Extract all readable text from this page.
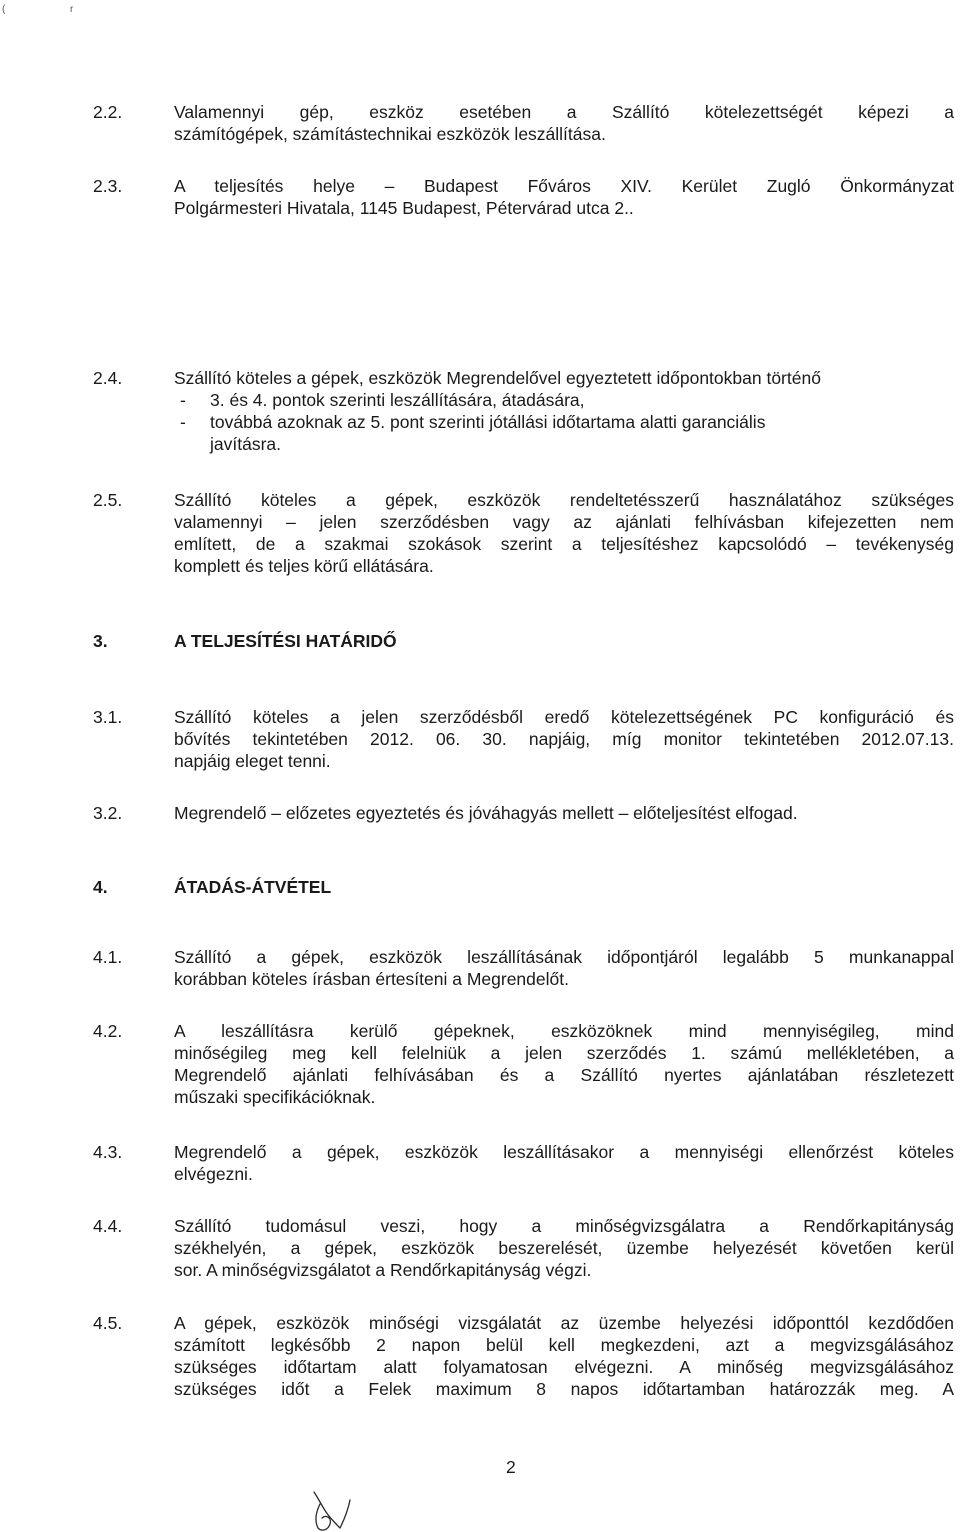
(	r
2.2.	Valamennyi gép, eszköz esetében a Szállító kötelezettségét képezi a
számítógépek, számítástechnikai eszközök leszállítása.
2.3.	A teljesítés helye – Budapest Főváros XIV. Kerület Zugló Önkormányzat
Polgármesteri Hivatala, 1145 Budapest, Pétervárad utca 2..
2.4.	Szállító köteles a gépek, eszközök Megrendelővel egyeztetett időpontokban történő
- 3. és 4. pontok szerinti leszállítására, átadására,
- továbbá azoknak az 5. pont szerinti jótállási időtartama alatti garanciális
javításra.
2.5.	Szállító köteles a gépek, eszközök rendeltetésszerű használatához szükséges
valamennyi – jelen szerződésben vagy az ajánlati felhívásban kifejezetten nem
említett, de a szakmai szokások szerint a teljesítéshez kapcsolódó – tevékenység
komplett és teljes körű ellátására.
3.	A TELJESÍTÉSI HATÁRIDŐ
3.1.	Szállító köteles a jelen szerződésből eredő kötelezettségének PC konfiguráció és
bővítés tekintetében 2012. 06. 30. napjáig, míg monitor tekintetében 2012.07.13.
napjáig eleget tenni.
3.2.	Megrendelő – előzetes egyeztetés és jóváhagyás mellett – előteljesítést elfogad.
4.	ÁTADÁS-ÁTVÉTEL
4.1.	Szállító a gépek, eszközök leszállításának időpontjáról legalább 5 munkanappal
korábban köteles írásban értesíteni a Megrendelőt.
4.2.	A leszállításra kerülő gépeknek, eszközöknek mind mennyiségileg, mind
minőségileg meg kell felelniük a jelen szerződés 1. számú mellékletében, a
Megrendelő ajánlati felhívásában és a Szállító nyertes ajánlatában részletezett
műszaki specifikációknak.
4.3.	Megrendelő a gépek, eszközök leszállításakor a mennyiségi ellenőrzést köteles
elvégezni.
4.4.	Szállító tudomásul veszi, hogy a minőségvizsgálatra a Rendőrkapitányság
székhelyén, a gépek, eszközök beszerelését, üzembe helyezését követően kerül
sor. A minőségvizsgálatot a Rendőrkapitányság végzi.
4.5.	A gépek, eszközök minőségi vizsgálatát az üzembe helyezési időponttól kezdődően
számított legkésőbb 2 napon belül kell megkezdeni, azt a megvizsgálásához
szükséges időtartam alatt folyamatosan elvégezni. A minőség megvizsgálásához
szükséges időt a Felek maximum 8 napos időtartamban határozzák meg. A
2
